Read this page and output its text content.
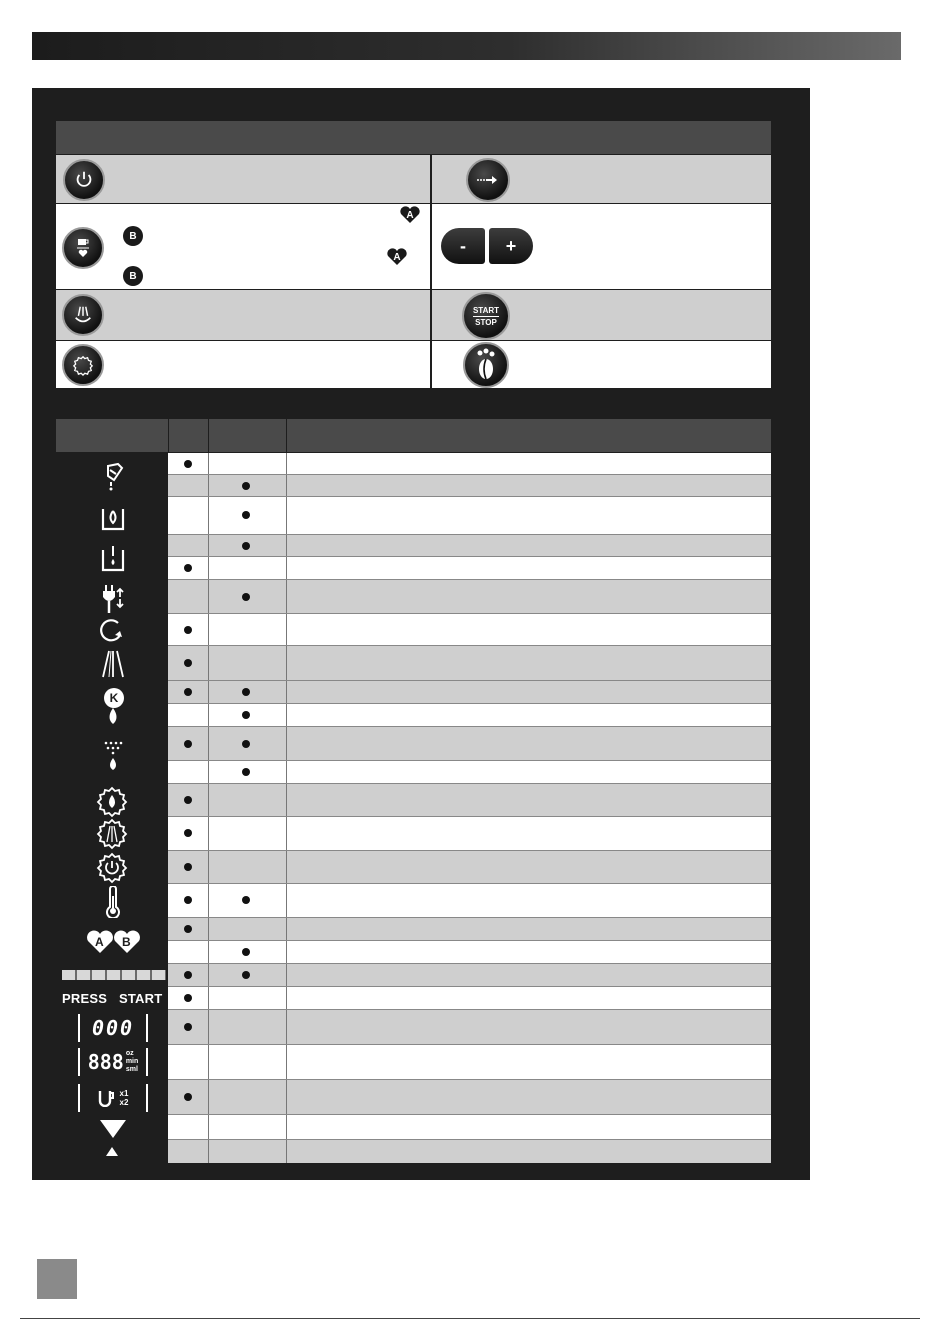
A
B
A
B
- +
START
STOP
K
A B
PRESS START
000
888 oz
min
sml
x1
x2
